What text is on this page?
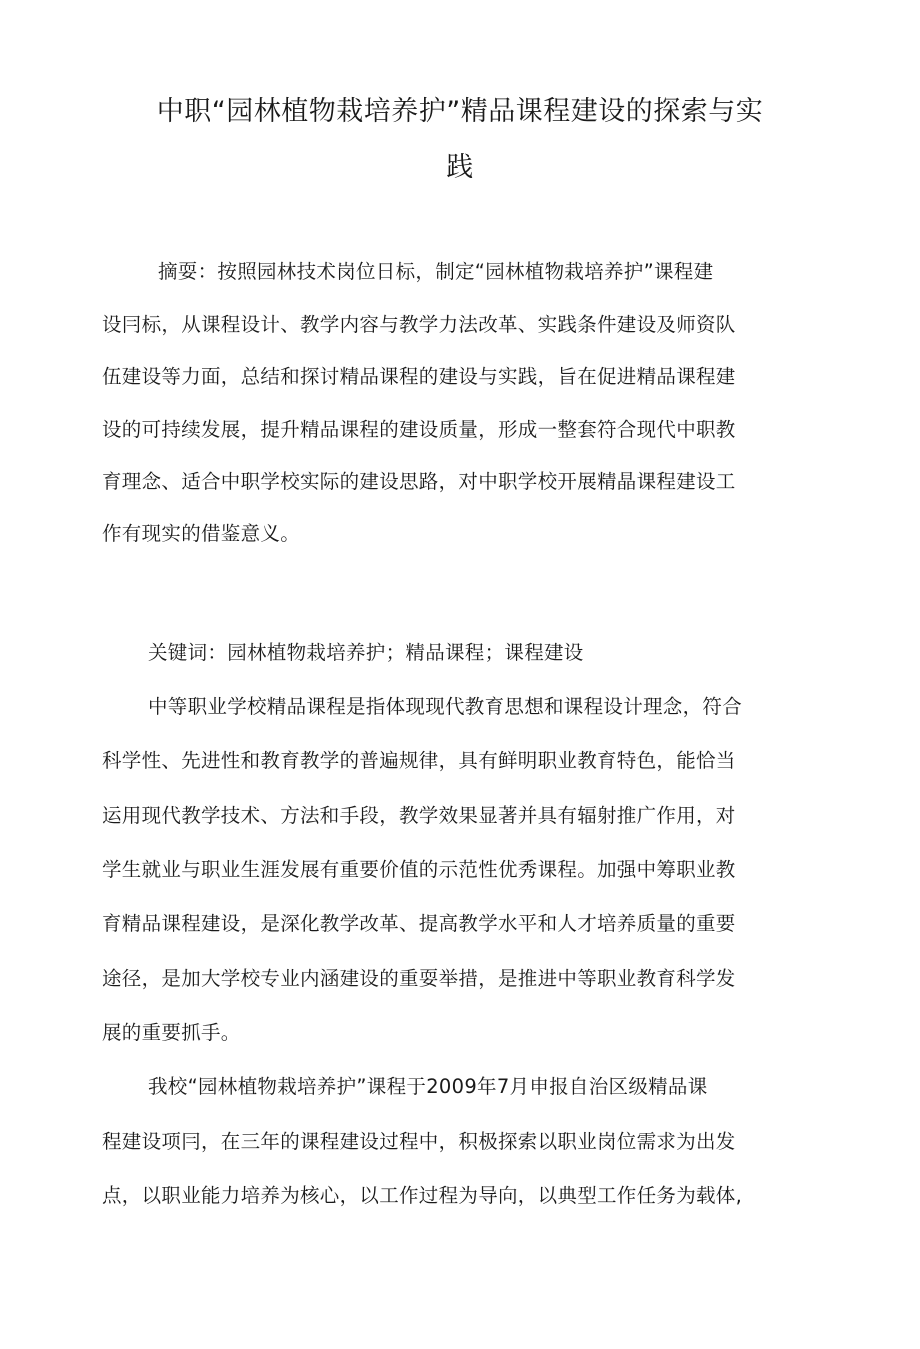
中职“园林植物栽培养护”精品课程建设的探索与实
践

摘耍：按照园林技术岗位日标，制定“园林植物栽培养护”课程建

设冃标，从课程设计、教学内容与教学力法改革、实践条件建设及师资队

伍建设等力面，总结和探讨精品课程的建设与实践，旨在促进精品课程建

设的可持续发展，提升精品课程的建设质量，形成一整套符合现代中职教

育理念、适合中职学校实际的建设思路，对中职学校开展精晶课程建设工

作有现实的借鉴意义。

关键词：园林植物栽培养护；精品课程；课程建设

中等职业学校精品课程是指体现现代教育思想和课程设计理念，符合

科学性、先进性和教育教学的普遍规律，具有鲜明职业教育特色，能恰当

运用现代教学技术、方法和手段，教学效果显著并具有辐射推广作用，对

学生就业与职业生涯发展有重要价值的示范性优秀课程。加强中筹职业教

育精品课程建设，是深化教学改革、提高教学水平和人才培养质量的重要

途径，是加大学校专业内涵建设的重耍举措，是推进中等职业教育科学发

展的重要抓手。

我校“园林植物栽培养护”课程于2009年7月申报自治区级精品课

程建设项冃，在三年的课程建设过程中，积极探索以职业岗位需求为出发

点，以职业能力培养为核心，以工作过程为导向，以典型工作任务为载体,
